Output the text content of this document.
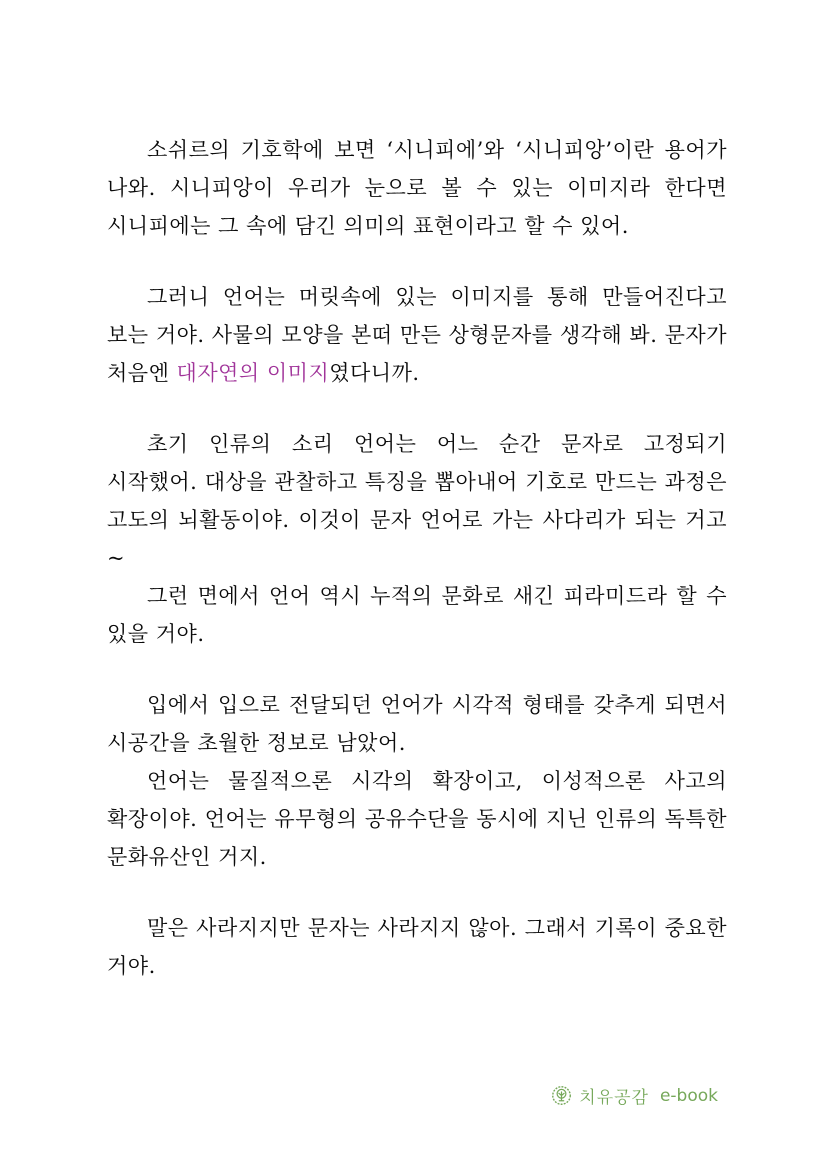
소쉬르의 기호학에 보면 ‘시니피에’와 ‘시니피앙’이란 용어가 나와. 시니피앙이 우리가 눈으로 볼 수 있는 이미지라 한다면 시니피에는 그 속에 담긴 의미의 표현이라고 할 수 있어.

그러니 언어는 머릿속에 있는 이미지를 통해 만들어진다고 보는 거야. 사물의 모양을 본떠 만든 상형문자를 생각해 봐. 문자가 처음엔 대자연의 이미지였다니까.

초기 인류의 소리 언어는 어느 순간 문자로 고정되기 시작했어. 대상을 관찰하고 특징을 뽑아내어 기호로 만드는 과정은 고도의 뇌활동이야. 이것이 문자 언어로 가는 사다리가 되는 거고~

그런 면에서 언어 역시 누적의 문화로 새긴 피라미드라 할 수 있을 거야.

입에서 입으로 전달되던 언어가 시각적 형태를 갖추게 되면서 시공간을 초월한 정보로 남았어.

언어는 물질적으론 시각의 확장이고, 이성적으론 사고의 확장이야. 언어는 유무형의 공유수단을 동시에 지닌 인류의 독특한 문화유산인 거지.

말은 사라지지만 문자는 사라지지 않아. 그래서 기록이 중요한 거야.

치유공감 e-book
